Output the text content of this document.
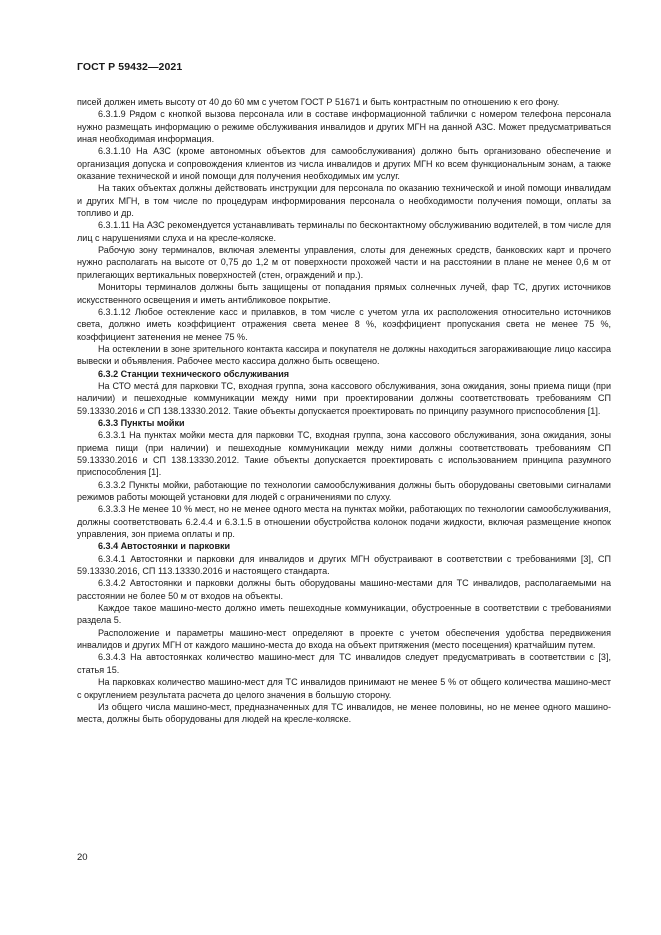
ГОСТ Р 59432—2021

писей должен иметь высоту от 40 до 60 мм с учетом ГОСТ Р 51671 и быть контрастным по отношению к его фону.

6.3.1.9 Рядом с кнопкой вызова персонала или в составе информационной таблички с номером телефона персонала нужно размещать информацию о режиме обслуживания инвалидов и других МГН на данной АЗС. Может предусматриваться иная необходимая информация.

6.3.1.10 На АЗС (кроме автономных объектов для самообслуживания) должно быть организовано обеспечение и организация допуска и сопровождения клиентов из числа инвалидов и других МГН ко всем функциональным зонам, а также оказание технической и иной помощи для получения необходимых им услуг.

На таких объектах должны действовать инструкции для персонала по оказанию технической и иной помощи инвалидам и других МГН, в том числе по процедурам информирования персонала о необходимости получения помощи, оплаты за топливо и др.

6.3.1.11 На АЗС рекомендуется устанавливать терминалы по бесконтактному обслуживанию водителей, в том числе для лиц с нарушениями слуха и на кресле-коляске.

Рабочую зону терминалов, включая элементы управления, слоты для денежных средств, банковских карт и прочего нужно располагать на высоте от 0,75 до 1,2 м от поверхности прохожей части и на расстоянии в плане не менее 0,6 м от прилегающих вертикальных поверхностей (стен, ограждений и пр.).

Мониторы терминалов должны быть защищены от попадания прямых солнечных лучей, фар ТС, других источников искусственного освещения и иметь антибликовое покрытие.

6.3.1.12 Любое остекление касс и прилавков, в том числе с учетом угла их расположения относительно источников света, должно иметь коэффициент отражения света менее 8 %, коэффициент пропускания света не менее 75 %, коэффициент затенения не менее 75 %.

На остеклении в зоне зрительного контакта кассира и покупателя не должны находиться загораживающие лицо кассира вывески и объявления. Рабочее место кассира должно быть освещено.

6.3.2 Станции технического обслуживания

На СТО места́ для парковки ТС, входная группа, зона кассового обслуживания, зона ожидания, зоны приема пищи (при наличии) и пешеходные коммуникации между ними при проектировании должны соответствовать требованиям СП 59.13330.2016 и СП 138.13330.2012. Такие объекты допускается проектировать по принципу разумного приспособления [1].

6.3.3 Пункты мойки

6.3.3.1 На пунктах мойки места для парковки ТС, входная группа, зона кассового обслуживания, зона ожидания, зоны приема пищи (при наличии) и пешеходные коммуникации между ними должны соответствовать требованиям СП 59.13330.2016 и СП 138.13330.2012. Такие объекты допускается проектировать с использованием принципа разумного приспособления [1].

6.3.3.2 Пункты мойки, работающие по технологии самообслуживания должны быть оборудованы световыми сигналами режимов работы моющей установки для людей с ограничениями по слуху.

6.3.3.3 Не менее 10 % мест, но не менее одного места на пунктах мойки, работающих по технологии самообслуживания, должны соответствовать 6.2.4.4 и 6.3.1.5 в отношении обустройства колонок подачи жидкости, включая размещение кнопок управления, зон приема оплаты и пр.

6.3.4 Автостоянки и парковки

6.3.4.1 Автостоянки и парковки для инвалидов и других МГН обустраивают в соответствии с требованиями [3], СП 59.13330.2016, СП 113.13330.2016 и настоящего стандарта.

6.3.4.2 Автостоянки и парковки должны быть оборудованы машино-местами для ТС инвалидов, располагаемыми на расстоянии не более 50 м от входов на объекты.

Каждое такое машино-место должно иметь пешеходные коммуникации, обустроенные в соответствии с требованиями раздела 5.

Расположение и параметры машино-мест определяют в проекте с учетом обеспечения удобства передвижения инвалидов и других МГН от каждого машино-места до входа на объект притяжения (место посещения) кратчайшим путем.

6.3.4.3 На автостоянках количество машино-мест для ТС инвалидов следует предусматривать в соответствии с [3], статья 15.

На парковках количество машино-мест для ТС инвалидов принимают не менее 5 % от общего количества машино-мест с округлением результата расчета до целого значения в большую сторону.

Из общего числа машино-мест, предназначенных для ТС инвалидов, не менее половины, но не менее одного машино-места, должны быть оборудованы для людей на кресле-коляске.

20
